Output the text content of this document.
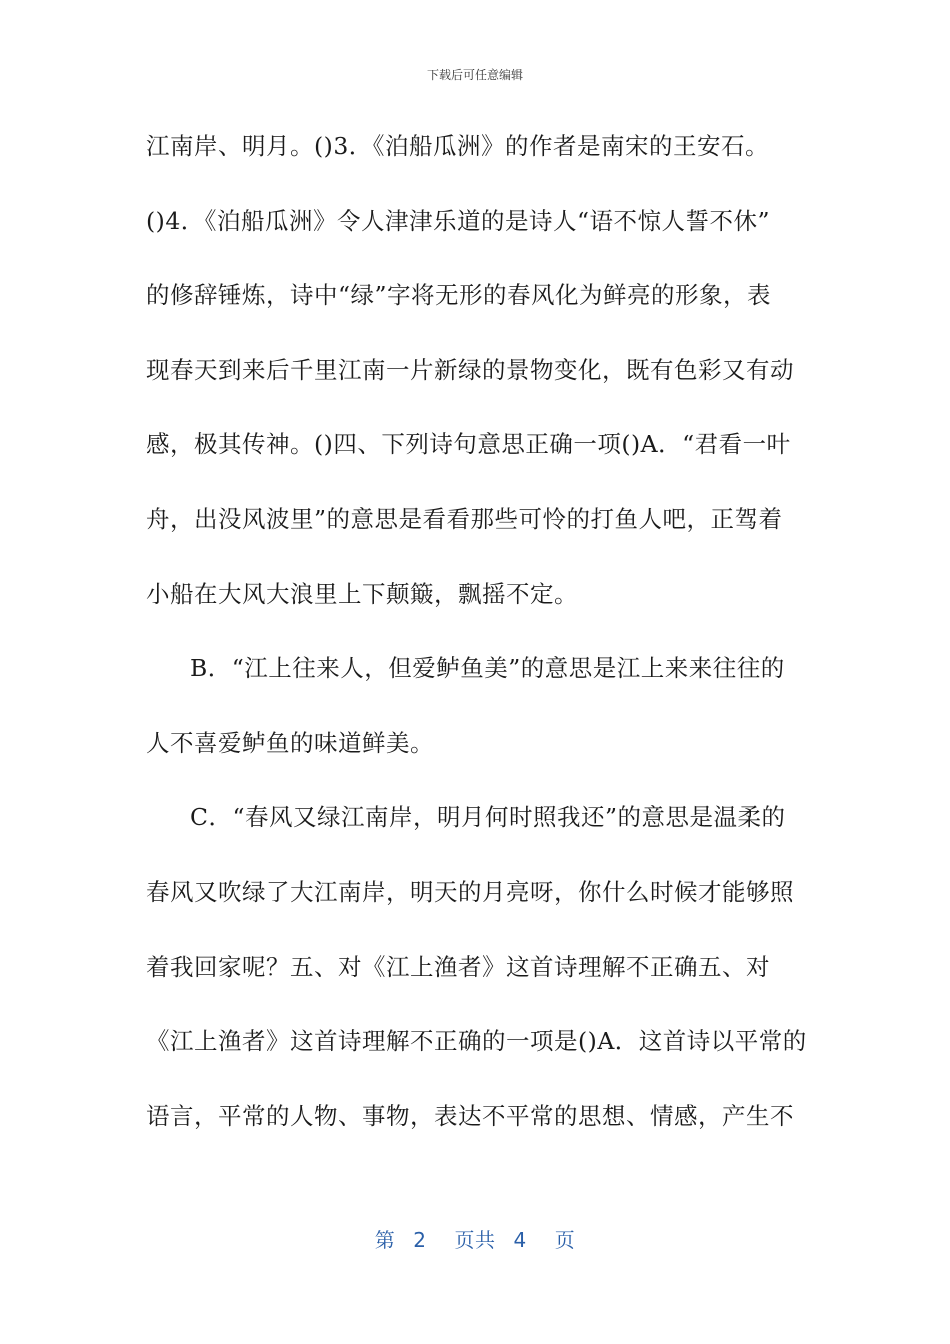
下载后可任意编辑
江南岸、明月。()3．《泊船瓜洲》的作者是南宋的王安石。
()4．《泊船瓜洲》令人津津乐道的是诗人“语不惊人誓不休”
的修辞锤炼，诗中“绿”字将无形的春风化为鲜亮的形象，表
现春天到来后千里江南一片新绿的景物变化，既有色彩又有动
感，极其传神。()四、下列诗句意思正确一项()A．“君看一叶
舟，出没风波里”的意思是看看那些可怜的打鱼人吧，正驾着
小船在大风大浪里上下颠簸，飘摇不定。
B．“江上往来人，但爱鲈鱼美”的意思是江上来来往往的
人不喜爱鲈鱼的味道鲜美。
C．“春风又绿江南岸，明月何时照我还”的意思是温柔的
春风又吹绿了大江南岸，明天的月亮呀，你什么时候才能够照
着我回家呢？五、对《江上渔者》这首诗理解不正确五、对
《江上渔者》这首诗理解不正确的一项是()A．这首诗以平常的
语言，平常的人物、事物，表达不平常的思想、情感，产生不
第 2 页共 4 页
